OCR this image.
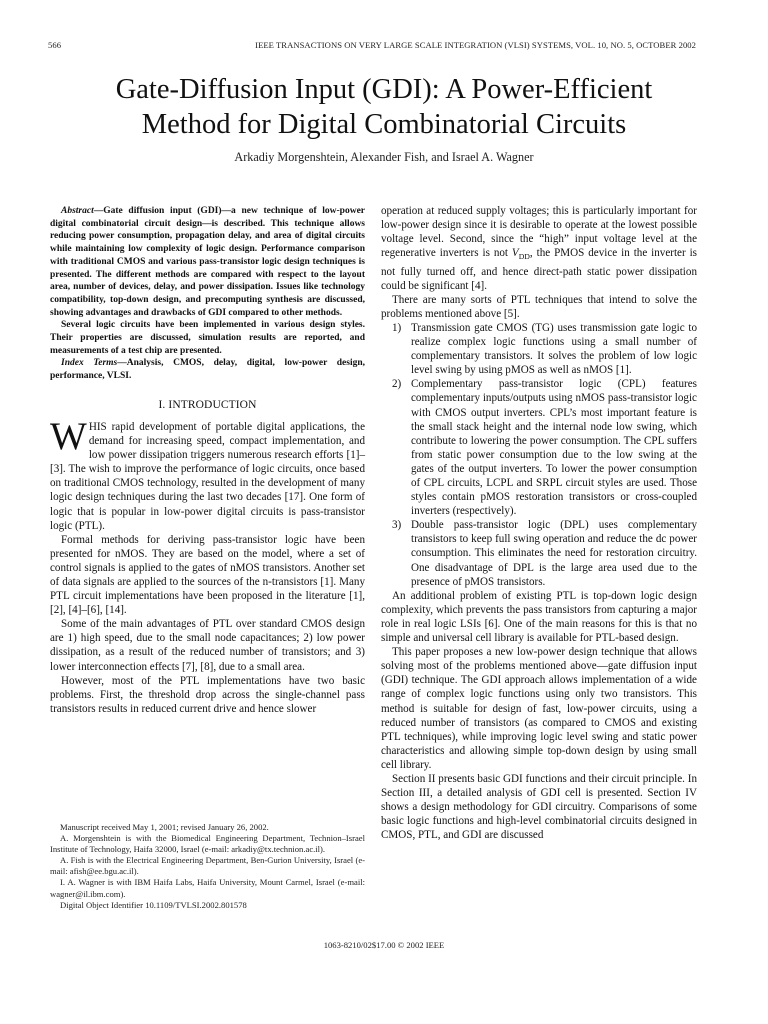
566	IEEE TRANSACTIONS ON VERY LARGE SCALE INTEGRATION (VLSI) SYSTEMS, VOL. 10, NO. 5, OCTOBER 2002
Gate-Diffusion Input (GDI): A Power-Efficient
Method for Digital Combinatorial Circuits
Arkadiy Morgenshtein, Alexander Fish, and Israel A. Wagner

Abstract—Gate diffusion input (GDI)—a new technique of low-power digital combinatorial circuit design—is described. This technique allows reducing power consumption, propagation delay, and area of digital circuits while maintaining low complexity of logic design. Performance comparison with traditional CMOS and various pass-transistor logic design techniques is presented. The different methods are compared with respect to the layout area, number of devices, delay, and power dissipation. Issues like technology compatibility, top-down design, and precomputing synthesis are discussed, showing advantages and drawbacks of GDI compared to other methods.

Several logic circuits have been implemented in various design styles. Their properties are discussed, simulation results are reported, and measurements of a test chip are presented.

Index Terms—Analysis, CMOS, delay, digital, low-power design, performance, VLSI.

I. INTRODUCTION

WHIS rapid development of portable digital applications, the demand for increasing speed, compact implementation, and low power dissipation triggers numerous research efforts [1]–[3]. The wish to improve the performance of logic circuits, once based on traditional CMOS technology, resulted in the development of many logic design techniques during the last two decades [17]. One form of logic that is popular in low-power digital circuits is pass-transistor logic (PTL).

Formal methods for deriving pass-transistor logic have been presented for nMOS. They are based on the model, where a set of control signals is applied to the gates of nMOS transistors. Another set of data signals are applied to the sources of the n-transistors [1]. Many PTL circuit implementations have been proposed in the literature [1], [2], [4]–[6], [14].

Some of the main advantages of PTL over standard CMOS design are 1) high speed, due to the small node capacitances; 2) low power dissipation, as a result of the reduced number of transistors; and 3) lower interconnection effects [7], [8], due to a small area.

However, most of the PTL implementations have two basic problems. First, the threshold drop across the single-channel pass transistors results in reduced current drive and hence slower

Manuscript received May 1, 2001; revised January 26, 2002.

A. Morgenshtein is with the Biomedical Engineering Department, Technion–Israel Institute of Technology, Haifa 32000, Israel (e-mail: arkadiy@tx.technion.ac.il).

A. Fish is with the Electrical Engineering Department, Ben-Gurion University, Israel (e-mail: afish@ee.bgu.ac.il).

I. A. Wagner is with IBM Haifa Labs, Haifa University, Mount Carmel, Israel (e-mail: wagner@il.ibm.com).

Digital Object Identifier 10.1109/TVLSI.2002.801578

operation at reduced supply voltages; this is particularly important for low-power design since it is desirable to operate at the lowest possible voltage level. Second, since the “high” input voltage level at the regenerative inverters is not $V_{DD}$, the PMOS device in the inverter is not fully turned off, and hence direct-path static power dissipation could be significant [4].

There are many sorts of PTL techniques that intend to solve the problems mentioned above [5].

1) Transmission gate CMOS (TG) uses transmission gate logic to realize complex logic functions using a small number of complementary transistors. It solves the problem of low logic level swing by using pMOS as well as nMOS [1].
2) Complementary pass-transistor logic (CPL) features complementary inputs/outputs using nMOS pass-transistor logic with CMOS output inverters. CPL’s most important feature is the small stack height and the internal node low swing, which contribute to lowering the power consumption. The CPL suffers from static power consumption due to the low swing at the gates of the output inverters. To lower the power consumption of CPL circuits, LCPL and SRPL circuit styles are used. Those styles contain pMOS restoration transistors or cross-coupled inverters (respectively).
3) Double pass-transistor logic (DPL) uses complementary transistors to keep full swing operation and reduce the dc power consumption. This eliminates the need for restoration circuitry. One disadvantage of DPL is the large area used due to the presence of pMOS transistors.

An additional problem of existing PTL is top-down logic design complexity, which prevents the pass transistors from capturing a major role in real logic LSIs [6]. One of the main reasons for this is that no simple and universal cell library is available for PTL-based design.

This paper proposes a new low-power design technique that allows solving most of the problems mentioned above—gate diffusion input (GDI) technique. The GDI approach allows implementation of a wide range of complex logic functions using only two transistors. This method is suitable for design of fast, low-power circuits, using a reduced number of transistors (as compared to CMOS and existing PTL techniques), while improving logic level swing and static power characteristics and allowing simple top-down design by using small cell library.

Section II presents basic GDI functions and their circuit principle. In Section III, a detailed analysis of GDI cell is presented. Section IV shows a design methodology for GDI circuitry. Comparisons of some basic logic functions and high-level combinatorial circuits designed in CMOS, PTL, and GDI are discussed

1063-8210/02$17.00 © 2002 IEEE
